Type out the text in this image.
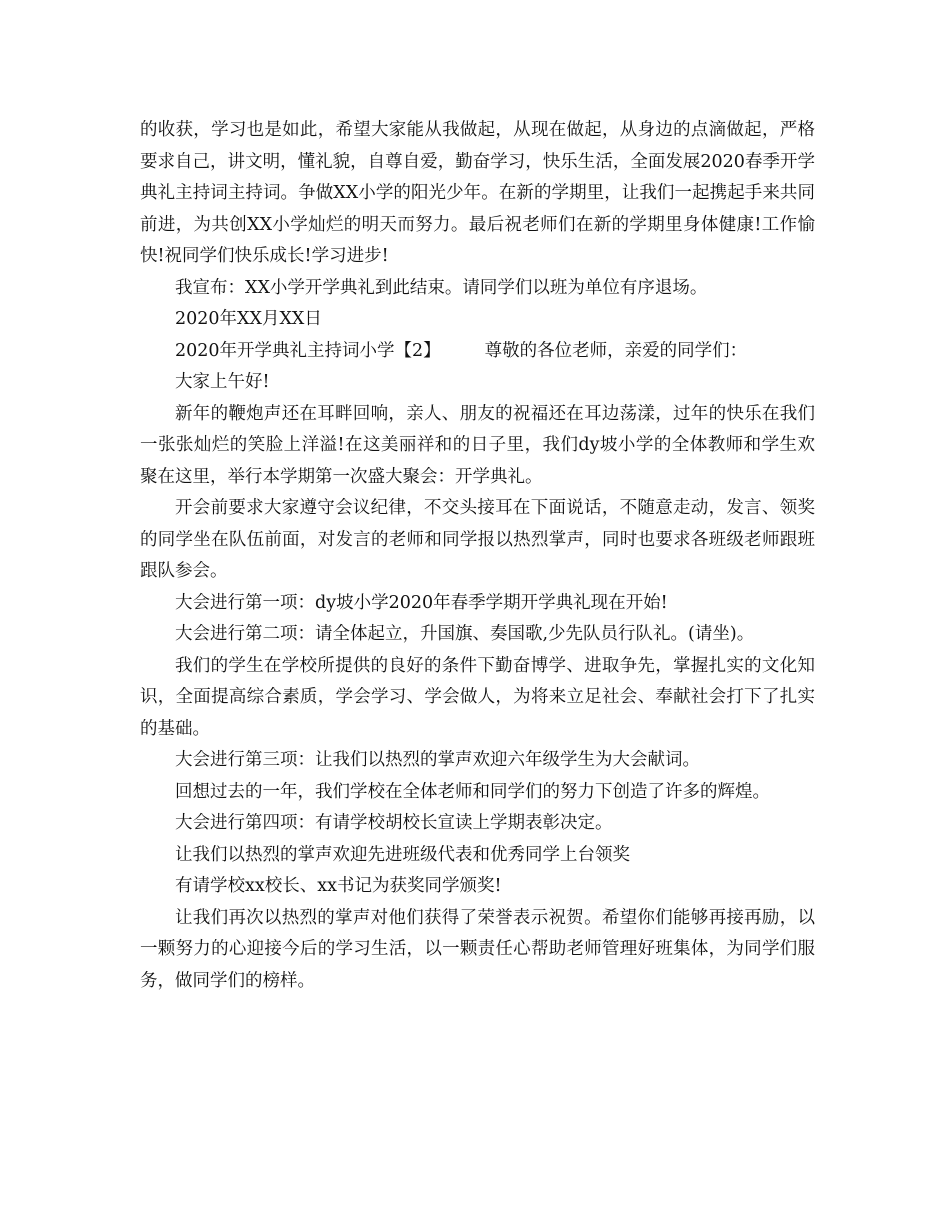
的收获，学习也是如此，希望大家能从我做起，从现在做起，从身边的点滴做起，严格要求自己，讲文明，懂礼貌，自尊自爱，勤奋学习，快乐生活，全面发展2020春季开学典礼主持词主持词。争做XX小学的阳光少年。在新的学期里，让我们一起携起手来共同前进，为共创XX小学灿烂的明天而努力。最后祝老师们在新的学期里身体健康!工作愉快!祝同学们快乐成长!学习进步!

我宣布：XX小学开学典礼到此结束。请同学们以班为单位有序退场。

2020年XX月XX日

2020年开学典礼主持词小学【2】	尊敬的各位老师，亲爱的同学们：

大家上午好!

新年的鞭炮声还在耳畔回响，亲人、朋友的祝福还在耳边荡漾，过年的快乐在我们一张张灿烂的笑脸上洋溢!在这美丽祥和的日子里，我们dy坡小学的全体教师和学生欢聚在这里，举行本学期第一次盛大聚会：开学典礼。

开会前要求大家遵守会议纪律，不交头接耳在下面说话，不随意走动，发言、领奖的同学坐在队伍前面，对发言的老师和同学报以热烈掌声，同时也要求各班级老师跟班跟队参会。

大会进行第一项：dy坡小学2020年春季学期开学典礼现在开始!

大会进行第二项：请全体起立，升国旗、奏国歌,少先队员行队礼。(请坐)。

我们的学生在学校所提供的良好的条件下勤奋博学、进取争先，掌握扎实的文化知识，全面提高综合素质，学会学习、学会做人，为将来立足社会、奉献社会打下了扎实的基础。

大会进行第三项：让我们以热烈的掌声欢迎六年级学生为大会献词。

回想过去的一年，我们学校在全体老师和同学们的努力下创造了许多的辉煌。

大会进行第四项：有请学校胡校长宣读上学期表彰决定。

让我们以热烈的掌声欢迎先进班级代表和优秀同学上台领奖

有请学校xx校长、xx书记为获奖同学颁奖!

让我们再次以热烈的掌声对他们获得了荣誉表示祝贺。希望你们能够再接再励，以一颗努力的心迎接今后的学习生活，以一颗责任心帮助老师管理好班集体，为同学们服务，做同学们的榜样。
